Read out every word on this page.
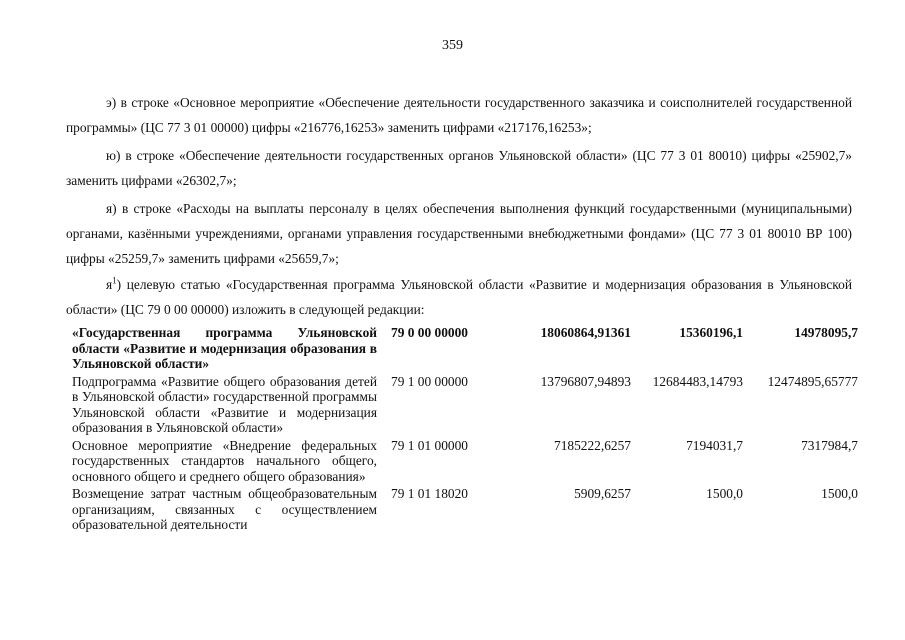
359
э) в строке «Основное мероприятие «Обеспечение деятельности государственного заказчика и соисполнителей государственной программы» (ЦС 77 3 01 00000) цифры «216776,16253» заменить цифрами «217176,16253»;
ю) в строке «Обеспечение деятельности государственных органов Ульяновской области» (ЦС 77 3 01 80010) цифры «25902,7» заменить цифрами «26302,7»;
я) в строке «Расходы на выплаты персоналу в целях обеспечения выполнения функций государственными (муниципальными) органами, казёнными учреждениями, органами управления государственными внебюджетными фондами» (ЦС 77 3 01 80010 ВР 100) цифры «25259,7» заменить цифрами «25659,7»;
$я^1$) целевую статью «Государственная программа Ульяновской области «Развитие и модернизация образования в Ульяновской области» (ЦС 79 0 00 00000) изложить в следующей редакции:
«Государственная программа Ульяновской области «Развитие и модернизация образования в Ульяновской области»	79 0 00 00000	18060864,91361	15360196,1	14978095,7
Подпрограмма «Развитие общего образования детей в Ульяновской области» государственной программы Ульяновской области «Развитие и модернизация образования в Ульяновской области»	79 1 00 00000	13796807,94893	12684483,14793	12474895,65777
Основное мероприятие «Внедрение федеральных государственных стандартов начального общего, основного общего и среднего общего образования»	79 1 01 00000	7185222,6257	7194031,7	7317984,7
Возмещение затрат частным общеобразовательным организациям, связанных с осуществлением образовательной деятельности	79 1 01 18020	5909,6257	1500,0	1500,0
